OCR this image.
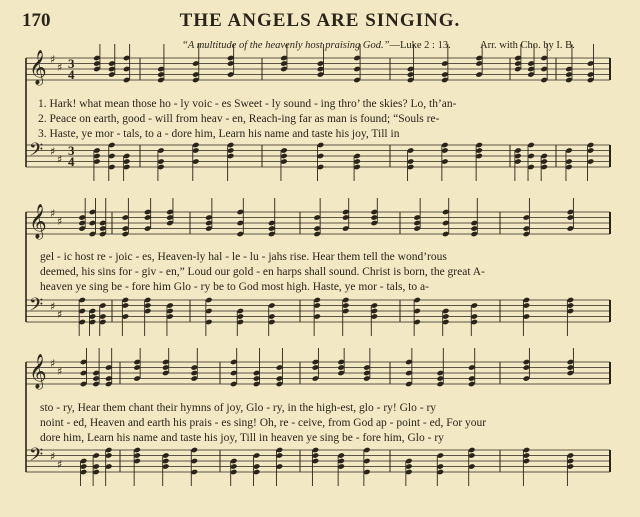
170	THE ANGELS ARE SINGING.
“A multitude of the heavenly host praising God.”—Luke 2 : 13.	Arr. with Cho. by I. B.
𝄞 ♯
♯ 3
4
𝄢 ♯
♯
3
4
𝄞 ♯
♯
𝄢 ♯
♯
𝄞 ♯
♯
𝄢 ♯
♯
1. Hark! what mean those ho - ly voic - es Sweet - ly sound - ing thro’ the skies? Lo, th’an-
2. Peace on earth, good - will from heav - en, Reach-ing far as man is found; “Souls re-
3. Haste, ye mor - tals, to a - dore him, Learn his name and taste his joy, Till in
gel - ic host re - joic - es, Heaven-ly hal - le - lu - jahs rise. Hear them tell the wond’rous
deemed, his sins for - giv - en,” Loud our gold - en harps shall sound. Christ is born, the great A-
heaven ye sing be - fore him Glo - ry be to God most high. Haste, ye mor - tals, to a-
sto - ry, Hear them chant their hymns of joy, Glo - ry, in the high-est, glo - ry! Glo - ry
noint - ed, Heaven and earth his prais - es sing! Oh, re - ceive, from God ap - point - ed, For your
dore him, Learn his name and taste his joy, Till in heaven ye sing be - fore him, Glo - ry
